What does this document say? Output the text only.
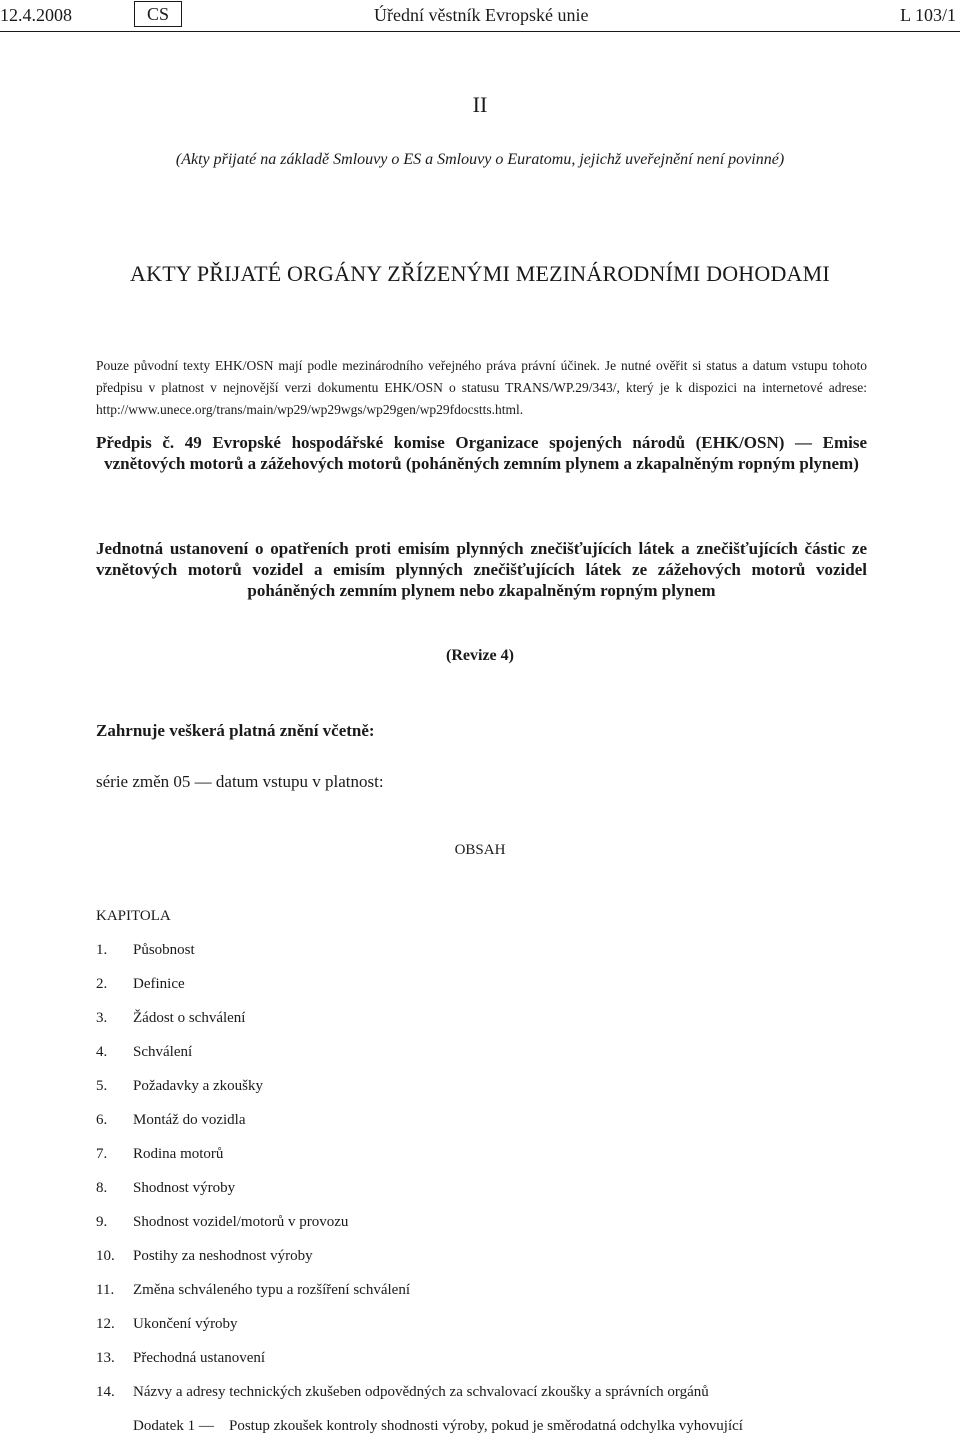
12.4.2008	CS	Úřední věstník Evropské unie	L 103/1
II
(Akty přijaté na základě Smlouvy o ES a Smlouvy o Euratomu, jejichž uveřejnění není povinné)
AKTY PŘIJATÉ ORGÁNY ZŘÍZENÝMI MEZINÁRODNÍMI DOHODAMI
Pouze původní texty EHK/OSN mají podle mezinárodního veřejného práva právní účinek. Je nutné ověřit si status a datum vstupu tohoto předpisu v platnost v nejnovější verzi dokumentu EHK/OSN o statusu TRANS/WP.29/343/, který je k dispozici na internetové adrese: http://www.unece.org/trans/main/wp29/wp29wgs/wp29gen/wp29fdocstts.html.
Předpis č. 49 Evropské hospodářské komise Organizace spojených národů (EHK/OSN) — Emise vznětových motorů a zážehových motorů (poháněných zemním plynem a zkapalněným ropným plynem)
Jednotná ustanovení o opatřeních proti emisím plynných znečišťujících látek a znečišťujících částic ze vznětových motorů vozidel a emisím plynných znečišťujících látek ze zážehových motorů vozidel poháněných zemním plynem nebo zkapalněným ropným plynem
(Revize 4)
Zahrnuje veškerá platná znění včetně:
série změn 05 — datum vstupu v platnost:
OBSAH
KAPITOLA
1. Působnost
2. Definice
3. Žádost o schválení
4. Schválení
5. Požadavky a zkoušky
6. Montáž do vozidla
7. Rodina motorů
8. Shodnost výroby
9. Shodnost vozidel/motorů v provozu
10. Postihy za neshodnost výroby
11. Změna schváleného typu a rozšíření schválení
12. Ukončení výroby
13. Přechodná ustanovení
14. Názvy a adresy technických zkušeben odpovědných za schvalovací zkoušky a správních orgánů
Dodatek 1 — Postup zkoušek kontroly shodnosti výroby, pokud je směrodatná odchylka vyhovující
